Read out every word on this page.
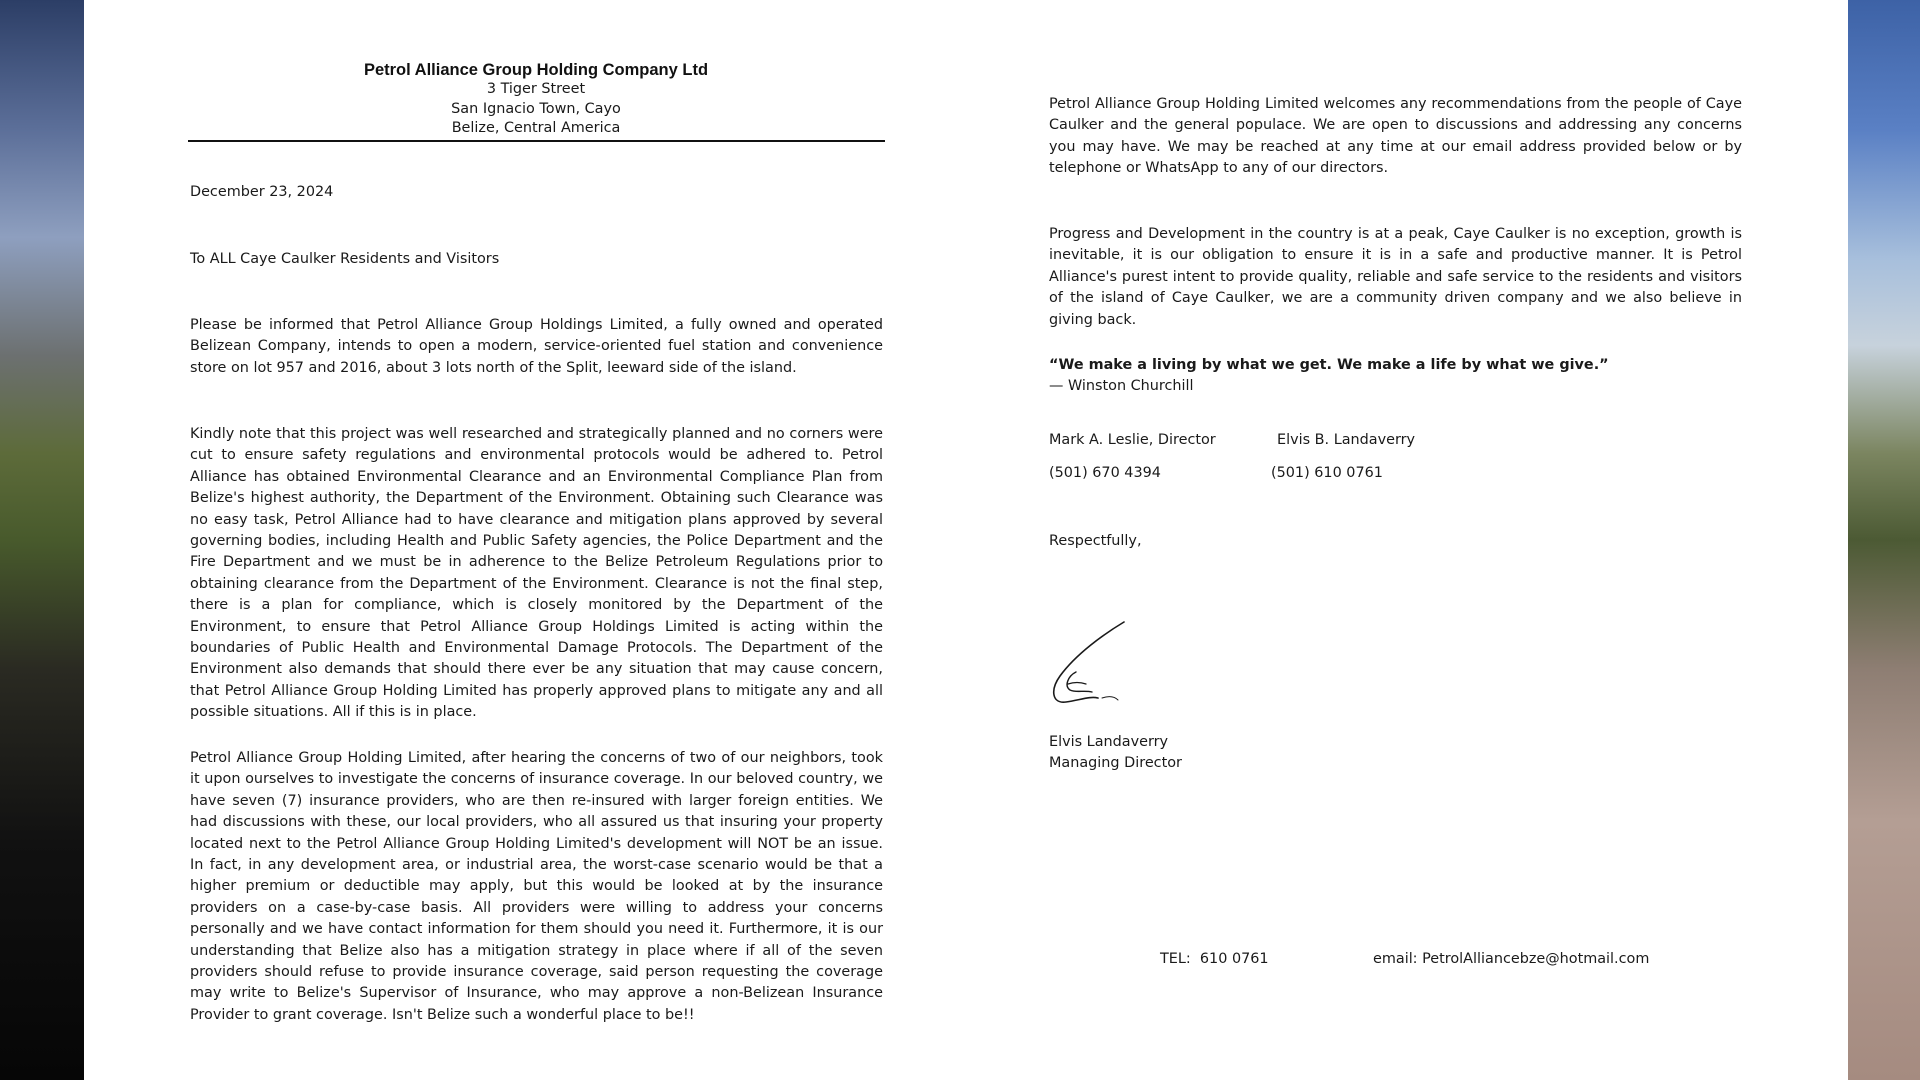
Petrol Alliance Group Holding Company Ltd
3 Tiger Street
San Ignacio Town, Cayo
Belize, Central America
December 23, 2024
To ALL Caye Caulker Residents and Visitors
Please be informed that Petrol Alliance Group Holdings Limited, a fully owned and operated Belizean Company, intends to open a modern, service-oriented fuel station and convenience store on lot 957 and 2016, about 3 lots north of the Split, leeward side of the island.
Kindly note that this project was well researched and strategically planned and no corners were cut to ensure safety regulations and environmental protocols would be adhered to. Petrol Alliance has obtained Environmental Clearance and an Environmental Compliance Plan from Belize's highest authority, the Department of the Environment. Obtaining such Clearance was no easy task, Petrol Alliance had to have clearance and mitigation plans approved by several governing bodies, including Health and Public Safety agencies, the Police Department and the Fire Department and we must be in adherence to the Belize Petroleum Regulations prior to obtaining clearance from the Department of the Environment. Clearance is not the final step, there is a plan for compliance, which is closely monitored by the Department of the Environment, to ensure that Petrol Alliance Group Holdings Limited is acting within the boundaries of Public Health and Environmental Damage Protocols. The Department of the Environment also demands that should there ever be any situation that may cause concern, that Petrol Alliance Group Holding Limited has properly approved plans to mitigate any and all possible situations. All if this is in place.
Petrol Alliance Group Holding Limited, after hearing the concerns of two of our neighbors, took it upon ourselves to investigate the concerns of insurance coverage. In our beloved country, we have seven (7) insurance providers, who are then re-insured with larger foreign entities. We had discussions with these, our local providers, who all assured us that insuring your property located next to the Petrol Alliance Group Holding Limited's development will NOT be an issue. In fact, in any development area, or industrial area, the worst-case scenario would be that a higher premium or deductible may apply, but this would be looked at by the insurance providers on a case-by-case basis. All providers were willing to address your concerns personally and we have contact information for them should you need it. Furthermore, it is our understanding that Belize also has a mitigation strategy in place where if all of the seven providers should refuse to provide insurance coverage, said person requesting the coverage may write to Belize's Supervisor of Insurance, who may approve a non-Belizean Insurance Provider to grant coverage. Isn't Belize such a wonderful place to be!!
Petrol Alliance Group Holding Limited welcomes any recommendations from the people of Caye Caulker and the general populace. We are open to discussions and addressing any concerns you may have. We may be reached at any time at our email address provided below or by telephone or WhatsApp to any of our directors.
Progress and Development in the country is at a peak, Caye Caulker is no exception, growth is inevitable, it is our obligation to ensure it is in a safe and productive manner. It is Petrol Alliance's purest intent to provide quality, reliable and safe service to the residents and visitors of the island of Caye Caulker, we are a community driven company and we also believe in giving back.
“We make a living by what we get. We make a life by what we give.”
— Winston Churchill
Mark A. Leslie, Director	Elvis B. Landaverry
(501) 670 4394	(501) 610 0761
Respectfully,
Elvis Landaverry
Managing Director
TEL:  610 0761	email: PetrolAlliancebze@hotmail.com
